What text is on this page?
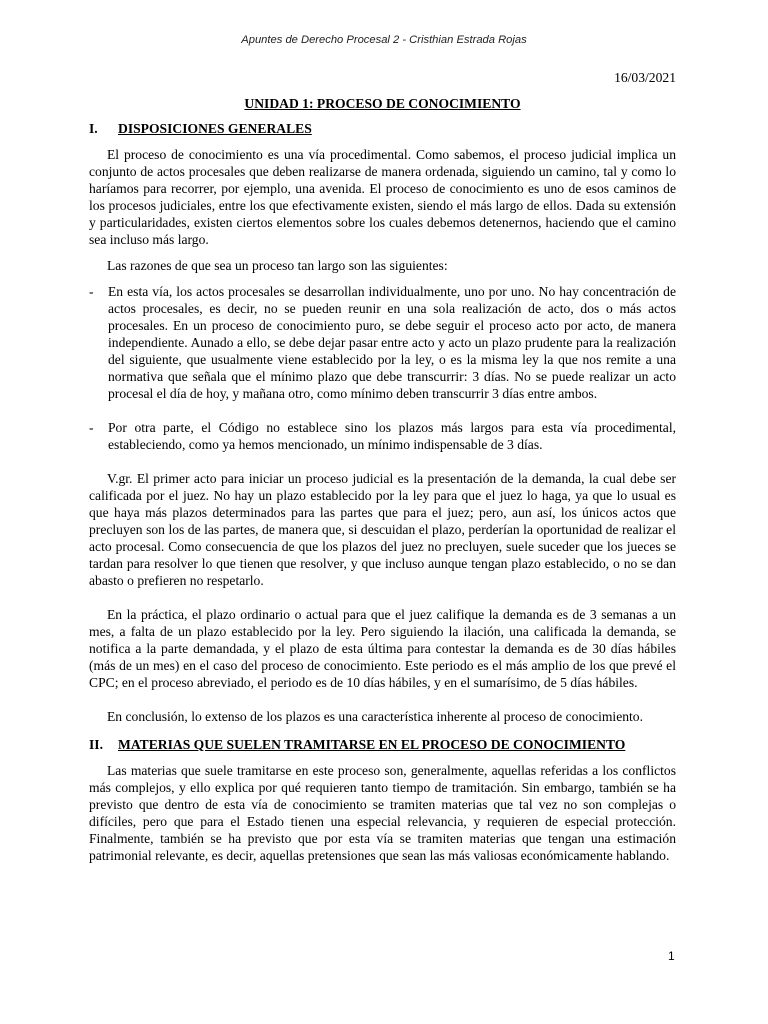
Apuntes de Derecho Procesal 2 - Cristhian Estrada Rojas
16/03/2021
UNIDAD 1: PROCESO DE CONOCIMIENTO
I.	DISPOSICIONES GENERALES

El proceso de conocimiento es una vía procedimental. Como sabemos, el proceso judicial implica un conjunto de actos procesales que deben realizarse de manera ordenada, siguiendo un camino, tal y como lo haríamos para recorrer, por ejemplo, una avenida. El proceso de conocimiento es uno de esos caminos de los procesos judiciales, entre los que efectivamente existen, siendo el más largo de ellos. Dada su extensión y particularidades, existen ciertos elementos sobre los cuales debemos detenernos, haciendo que el camino sea incluso más largo.

Las razones de que sea un proceso tan largo son las siguientes:

-	En esta vía, los actos procesales se desarrollan individualmente, uno por uno. No hay concentración de actos procesales, es decir, no se pueden reunir en una sola realización de acto, dos o más actos procesales. En un proceso de conocimiento puro, se debe seguir el proceso acto por acto, de manera independiente. Aunado a ello, se debe dejar pasar entre acto y acto un plazo prudente para la realización del siguiente, que usualmente viene establecido por la ley, o es la misma ley la que nos remite a una normativa que señala que el mínimo plazo que debe transcurrir: 3 días. No se puede realizar un acto procesal el día de hoy, y mañana otro, como mínimo deben transcurrir 3 días entre ambos.
-	Por otra parte, el Código no establece sino los plazos más largos para esta vía procedimental, estableciendo, como ya hemos mencionado, un mínimo indispensable de 3 días.

V.gr. El primer acto para iniciar un proceso judicial es la presentación de la demanda, la cual debe ser calificada por el juez. No hay un plazo establecido por la ley para que el juez lo haga, ya que lo usual es que haya más plazos determinados para las partes que para el juez; pero, aun así, los únicos actos que precluyen son los de las partes, de manera que, si descuidan el plazo, perderían la oportunidad de realizar el acto procesal. Como consecuencia de que los plazos del juez no precluyen, suele suceder que los jueces se tardan para resolver lo que tienen que resolver, y que incluso aunque tengan plazo establecido, o no se dan abasto o prefieren no respetarlo.

En la práctica, el plazo ordinario o actual para que el juez califique la demanda es de 3 semanas a un mes, a falta de un plazo establecido por la ley. Pero siguiendo la ilación, una calificada la demanda, se notifica a la parte demandada, y el plazo de esta última para contestar la demanda es de 30 días hábiles (más de un mes) en el caso del proceso de conocimiento. Este periodo es el más amplio de los que prevé el CPC; en el proceso abreviado, el periodo es de 10 días hábiles, y en el sumarísimo, de 5 días hábiles.

En conclusión, lo extenso de los plazos es una característica inherente al proceso de conocimiento.

II.	MATERIAS QUE SUELEN TRAMITARSE EN EL PROCESO DE CONOCIMIENTO

Las materias que suele tramitarse en este proceso son, generalmente, aquellas referidas a los conflictos más complejos, y ello explica por qué requieren tanto tiempo de tramitación. Sin embargo, también se ha previsto que dentro de esta vía de conocimiento se tramiten materias que tal vez no son complejas o difíciles, pero que para el Estado tienen una especial relevancia, y requieren de especial protección. Finalmente, también se ha previsto que por esta vía se tramiten materias que tengan una estimación patrimonial relevante, es decir, aquellas pretensiones que sean las más valiosas económicamente hablando.

1
